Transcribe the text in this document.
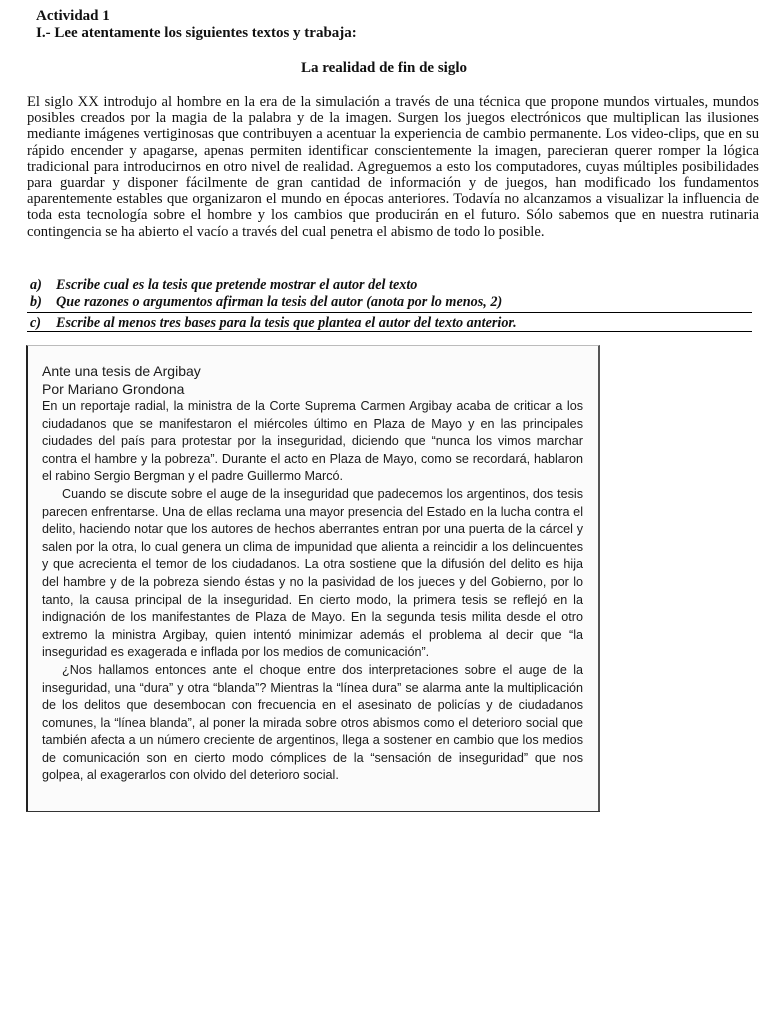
Actividad 1
I.- Lee atentamente los siguientes textos y trabaja:
La realidad de fin de siglo
El siglo XX introdujo al hombre en la era de la simulación a través de una técnica que propone mundos virtuales, mundos posibles creados por la magia de la palabra y de la imagen. Surgen los juegos electrónicos que multiplican las ilusiones mediante imágenes vertiginosas que contribuyen a acentuar la experiencia de cambio permanente. Los video-clips, que en su rápido encender y apagarse, apenas permiten identificar conscientemente la imagen, parecieran querer romper la lógica tradicional para introducirnos en otro nivel de realidad. Agreguemos a esto los computadores, cuyas múltiples posibilidades para guardar y disponer fácilmente de gran cantidad de información y de juegos, han modificado los fundamentos aparentemente estables que organizaron el mundo en épocas anteriores. Todavía no alcanzamos a visualizar la influencia de toda esta tecnología sobre el hombre y los cambios que producirán en el futuro. Sólo sabemos que en nuestra rutinaria contingencia se ha abierto el vacío a través del cual penetra el abismo de todo lo posible.
a) Escribe cual es la tesis que pretende mostrar el autor del texto
b) Que razones o argumentos afirman la tesis del autor (anota por lo menos, 2)
c) Escribe al menos tres bases para la tesis que plantea el autor del texto anterior.

Ante una tesis de Argibay

Por Mariano Grondona

En un reportaje radial, la ministra de la Corte Suprema Carmen Argibay acaba de criticar a los ciudadanos que se manifestaron el miércoles último en Plaza de Mayo y en las principales ciudades del país para protestar por la inseguridad, diciendo que “nunca los vimos marchar contra el hambre y la pobreza”. Durante el acto en Plaza de Mayo, como se recordará, hablaron el rabino Sergio Bergman y el padre Guillermo Marcó.

Cuando se discute sobre el auge de la inseguridad que padecemos los argentinos, dos tesis parecen enfrentarse. Una de ellas reclama una mayor presencia del Estado en la lucha contra el delito, haciendo notar que los autores de hechos aberrantes entran por una puerta de la cárcel y salen por la otra, lo cual genera un clima de impunidad que alienta a reincidir a los delincuentes y que acrecienta el temor de los ciudadanos. La otra sostiene que la difusión del delito es hija del hambre y de la pobreza siendo éstas y no la pasividad de los jueces y del Gobierno, por lo tanto, la causa principal de la inseguridad. En cierto modo, la primera tesis se reflejó en la indignación de los manifestantes de Plaza de Mayo. En la segunda tesis milita desde el otro extremo la ministra Argibay, quien intentó minimizar además el problema al decir que “la inseguridad es exagerada e inflada por los medios de comunicación”.

¿Nos hallamos entonces ante el choque entre dos interpretaciones sobre el auge de la inseguridad, una “dura” y otra “blanda”? Mientras la “línea dura” se alarma ante la multiplicación de los delitos que desembocan con frecuencia en el asesinato de policías y de ciudadanos comunes, la “línea blanda”, al poner la mirada sobre otros abismos como el deterioro social que también afecta a un número creciente de argentinos, llega a sostener en cambio que los medios de comunicación son en cierto modo cómplices de la “sensación de inseguridad” que nos golpea, al exagerarlos con olvido del deterioro social.
